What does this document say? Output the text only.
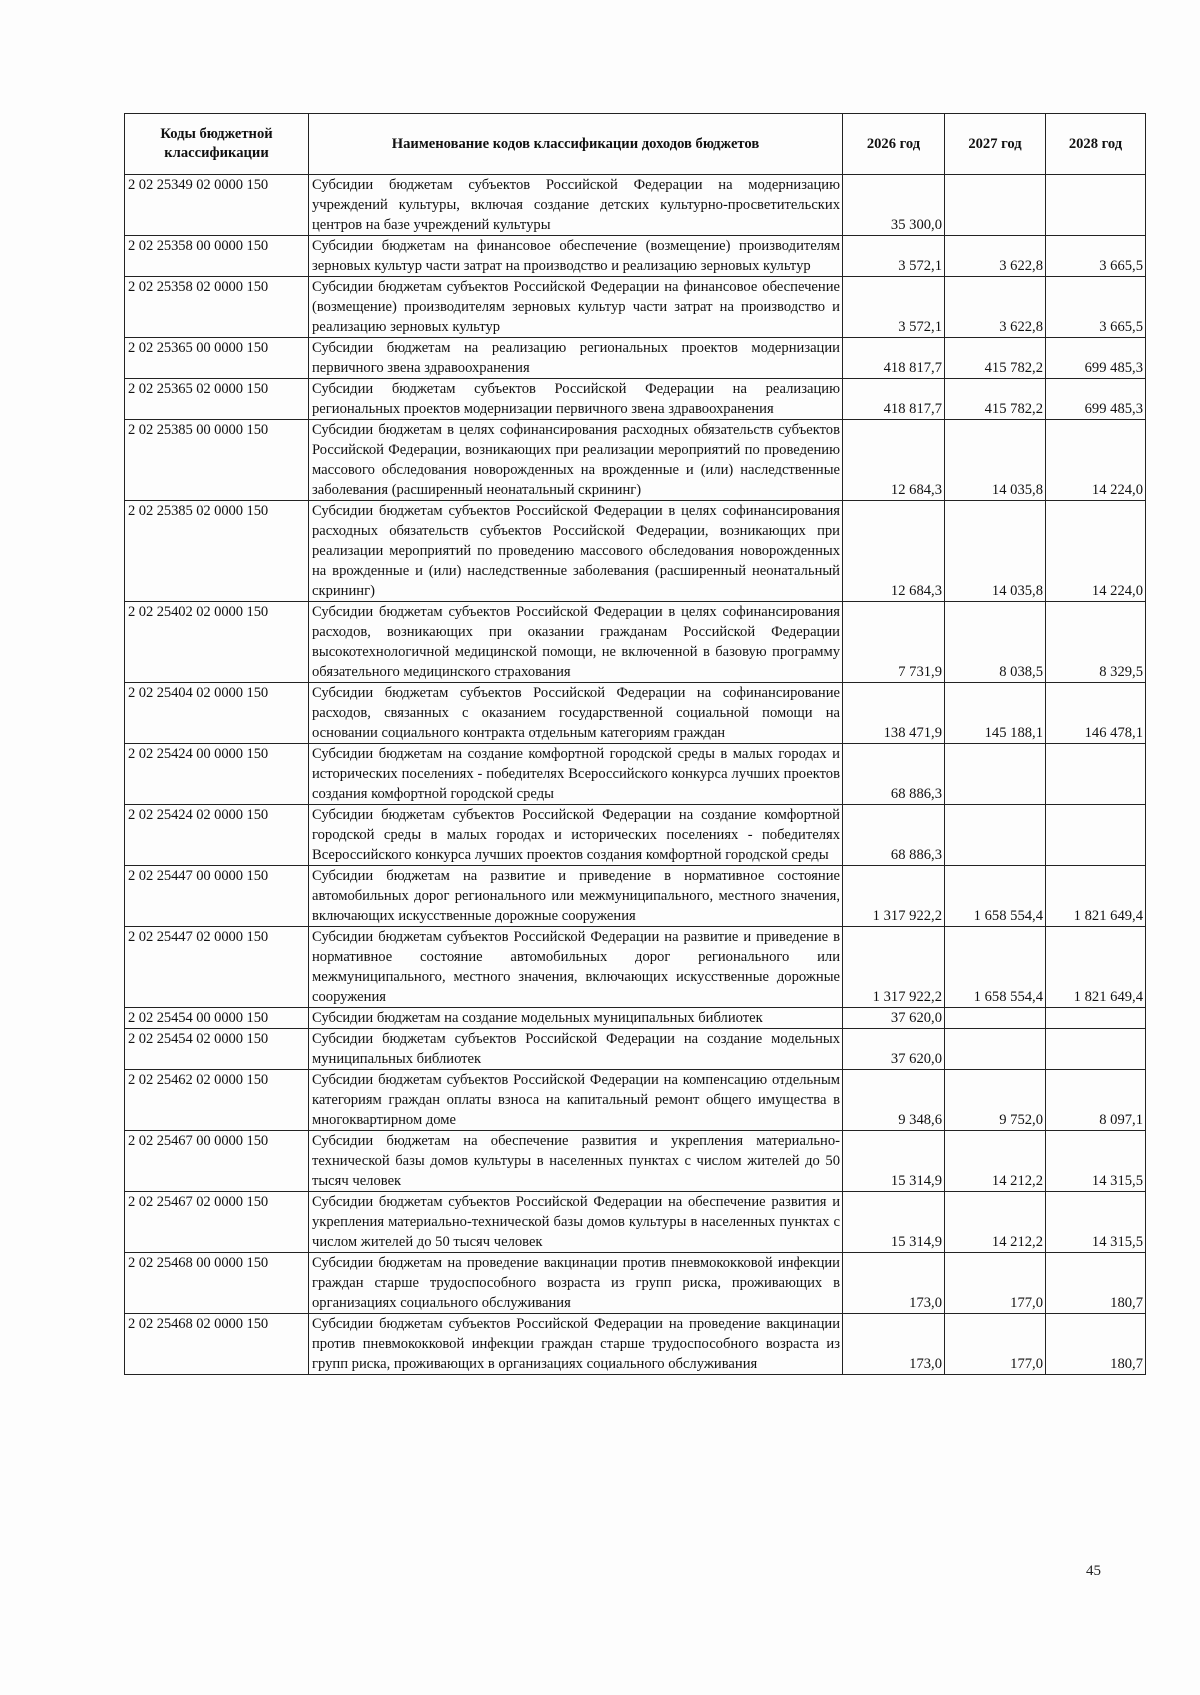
Коды бюджетной классификации	Наименование кодов классификации доходов бюджетов	2026 год	2027 год	2028 год
2 02 25349 02 0000 150	Субсидии бюджетам субъектов Российской Федерации на модернизацию учреждений культуры, включая создание детских культурно-просветительских центров на базе учреждений культуры	35 300,0		
2 02 25358 00 0000 150	Субсидии бюджетам на финансовое обеспечение (возмещение) производителям зерновых культур части затрат на производство и реализацию зерновых культур	3 572,1	3 622,8	3 665,5
2 02 25358 02 0000 150	Субсидии бюджетам субъектов Российской Федерации на финансовое обеспечение (возмещение) производителям зерновых культур части затрат на производство и реализацию зерновых культур	3 572,1	3 622,8	3 665,5
2 02 25365 00 0000 150	Субсидии бюджетам на реализацию региональных проектов модернизации первичного звена здравоохранения	418 817,7	415 782,2	699 485,3
2 02 25365 02 0000 150	Субсидии бюджетам субъектов Российской Федерации на реализацию региональных проектов модернизации первичного звена здравоохранения	418 817,7	415 782,2	699 485,3
2 02 25385 00 0000 150	Субсидии бюджетам в целях софинансирования расходных обязательств субъектов Российской Федерации, возникающих при реализации мероприятий по проведению массового обследования новорожденных на врожденные и (или) наследственные заболевания (расширенный неонатальный скрининг)	12 684,3	14 035,8	14 224,0
2 02 25385 02 0000 150	Субсидии бюджетам субъектов Российской Федерации в целях софинансирования расходных обязательств субъектов Российской Федерации, возникающих при реализации мероприятий по проведению массового обследования новорожденных на врожденные и (или) наследственные заболевания (расширенный неонатальный скрининг)	12 684,3	14 035,8	14 224,0
2 02 25402 02 0000 150	Субсидии бюджетам субъектов Российской Федерации в целях софинансирования расходов, возникающих при оказании гражданам Российской Федерации высокотехнологичной медицинской помощи, не включенной в базовую программу обязательного медицинского страхования	7 731,9	8 038,5	8 329,5
2 02 25404 02 0000 150	Субсидии бюджетам субъектов Российской Федерации на софинансирование расходов, связанных с оказанием государственной социальной помощи на основании социального контракта отдельным категориям граждан	138 471,9	145 188,1	146 478,1
2 02 25424 00 0000 150	Субсидии бюджетам на создание комфортной городской среды в малых городах и исторических поселениях - победителях Всероссийского конкурса лучших проектов создания комфортной городской среды	68 886,3		
2 02 25424 02 0000 150	Субсидии бюджетам субъектов Российской Федерации на создание комфортной городской среды в малых городах и исторических поселениях - победителях Всероссийского конкурса лучших проектов создания комфортной городской среды	68 886,3		
2 02 25447 00 0000 150	Субсидии бюджетам на развитие и приведение в нормативное состояние автомобильных дорог регионального или межмуниципального, местного значения, включающих искусственные дорожные сооружения	1 317 922,2	1 658 554,4	1 821 649,4
2 02 25447 02 0000 150	Субсидии бюджетам субъектов Российской Федерации на развитие и приведение в нормативное состояние автомобильных дорог регионального или межмуниципального, местного значения, включающих искусственные дорожные сооружения	1 317 922,2	1 658 554,4	1 821 649,4
2 02 25454 00 0000 150	Субсидии бюджетам на создание модельных муниципальных библиотек	37 620,0		
2 02 25454 02 0000 150	Субсидии бюджетам субъектов Российской Федерации на создание модельных муниципальных библиотек	37 620,0		
2 02 25462 02 0000 150	Субсидии бюджетам субъектов Российской Федерации на компенсацию отдельным категориям граждан оплаты взноса на капитальный ремонт общего имущества в многоквартирном доме	9 348,6	9 752,0	8 097,1
2 02 25467 00 0000 150	Субсидии бюджетам на обеспечение развития и укрепления материально-технической базы домов культуры в населенных пунктах с числом жителей до 50 тысяч человек	15 314,9	14 212,2	14 315,5
2 02 25467 02 0000 150	Субсидии бюджетам субъектов Российской Федерации на обеспечение развития и укрепления материально-технической базы домов культуры в населенных пунктах с числом жителей до 50 тысяч человек	15 314,9	14 212,2	14 315,5
2 02 25468 00 0000 150	Субсидии бюджетам на проведение вакцинации против пневмококковой инфекции граждан старше трудоспособного возраста из групп риска, проживающих в организациях социального обслуживания	173,0	177,0	180,7
2 02 25468 02 0000 150	Субсидии бюджетам субъектов Российской Федерации на проведение вакцинации против пневмококковой инфекции граждан старше трудоспособного возраста из групп риска, проживающих в организациях социального обслуживания	173,0	177,0	180,7
45
